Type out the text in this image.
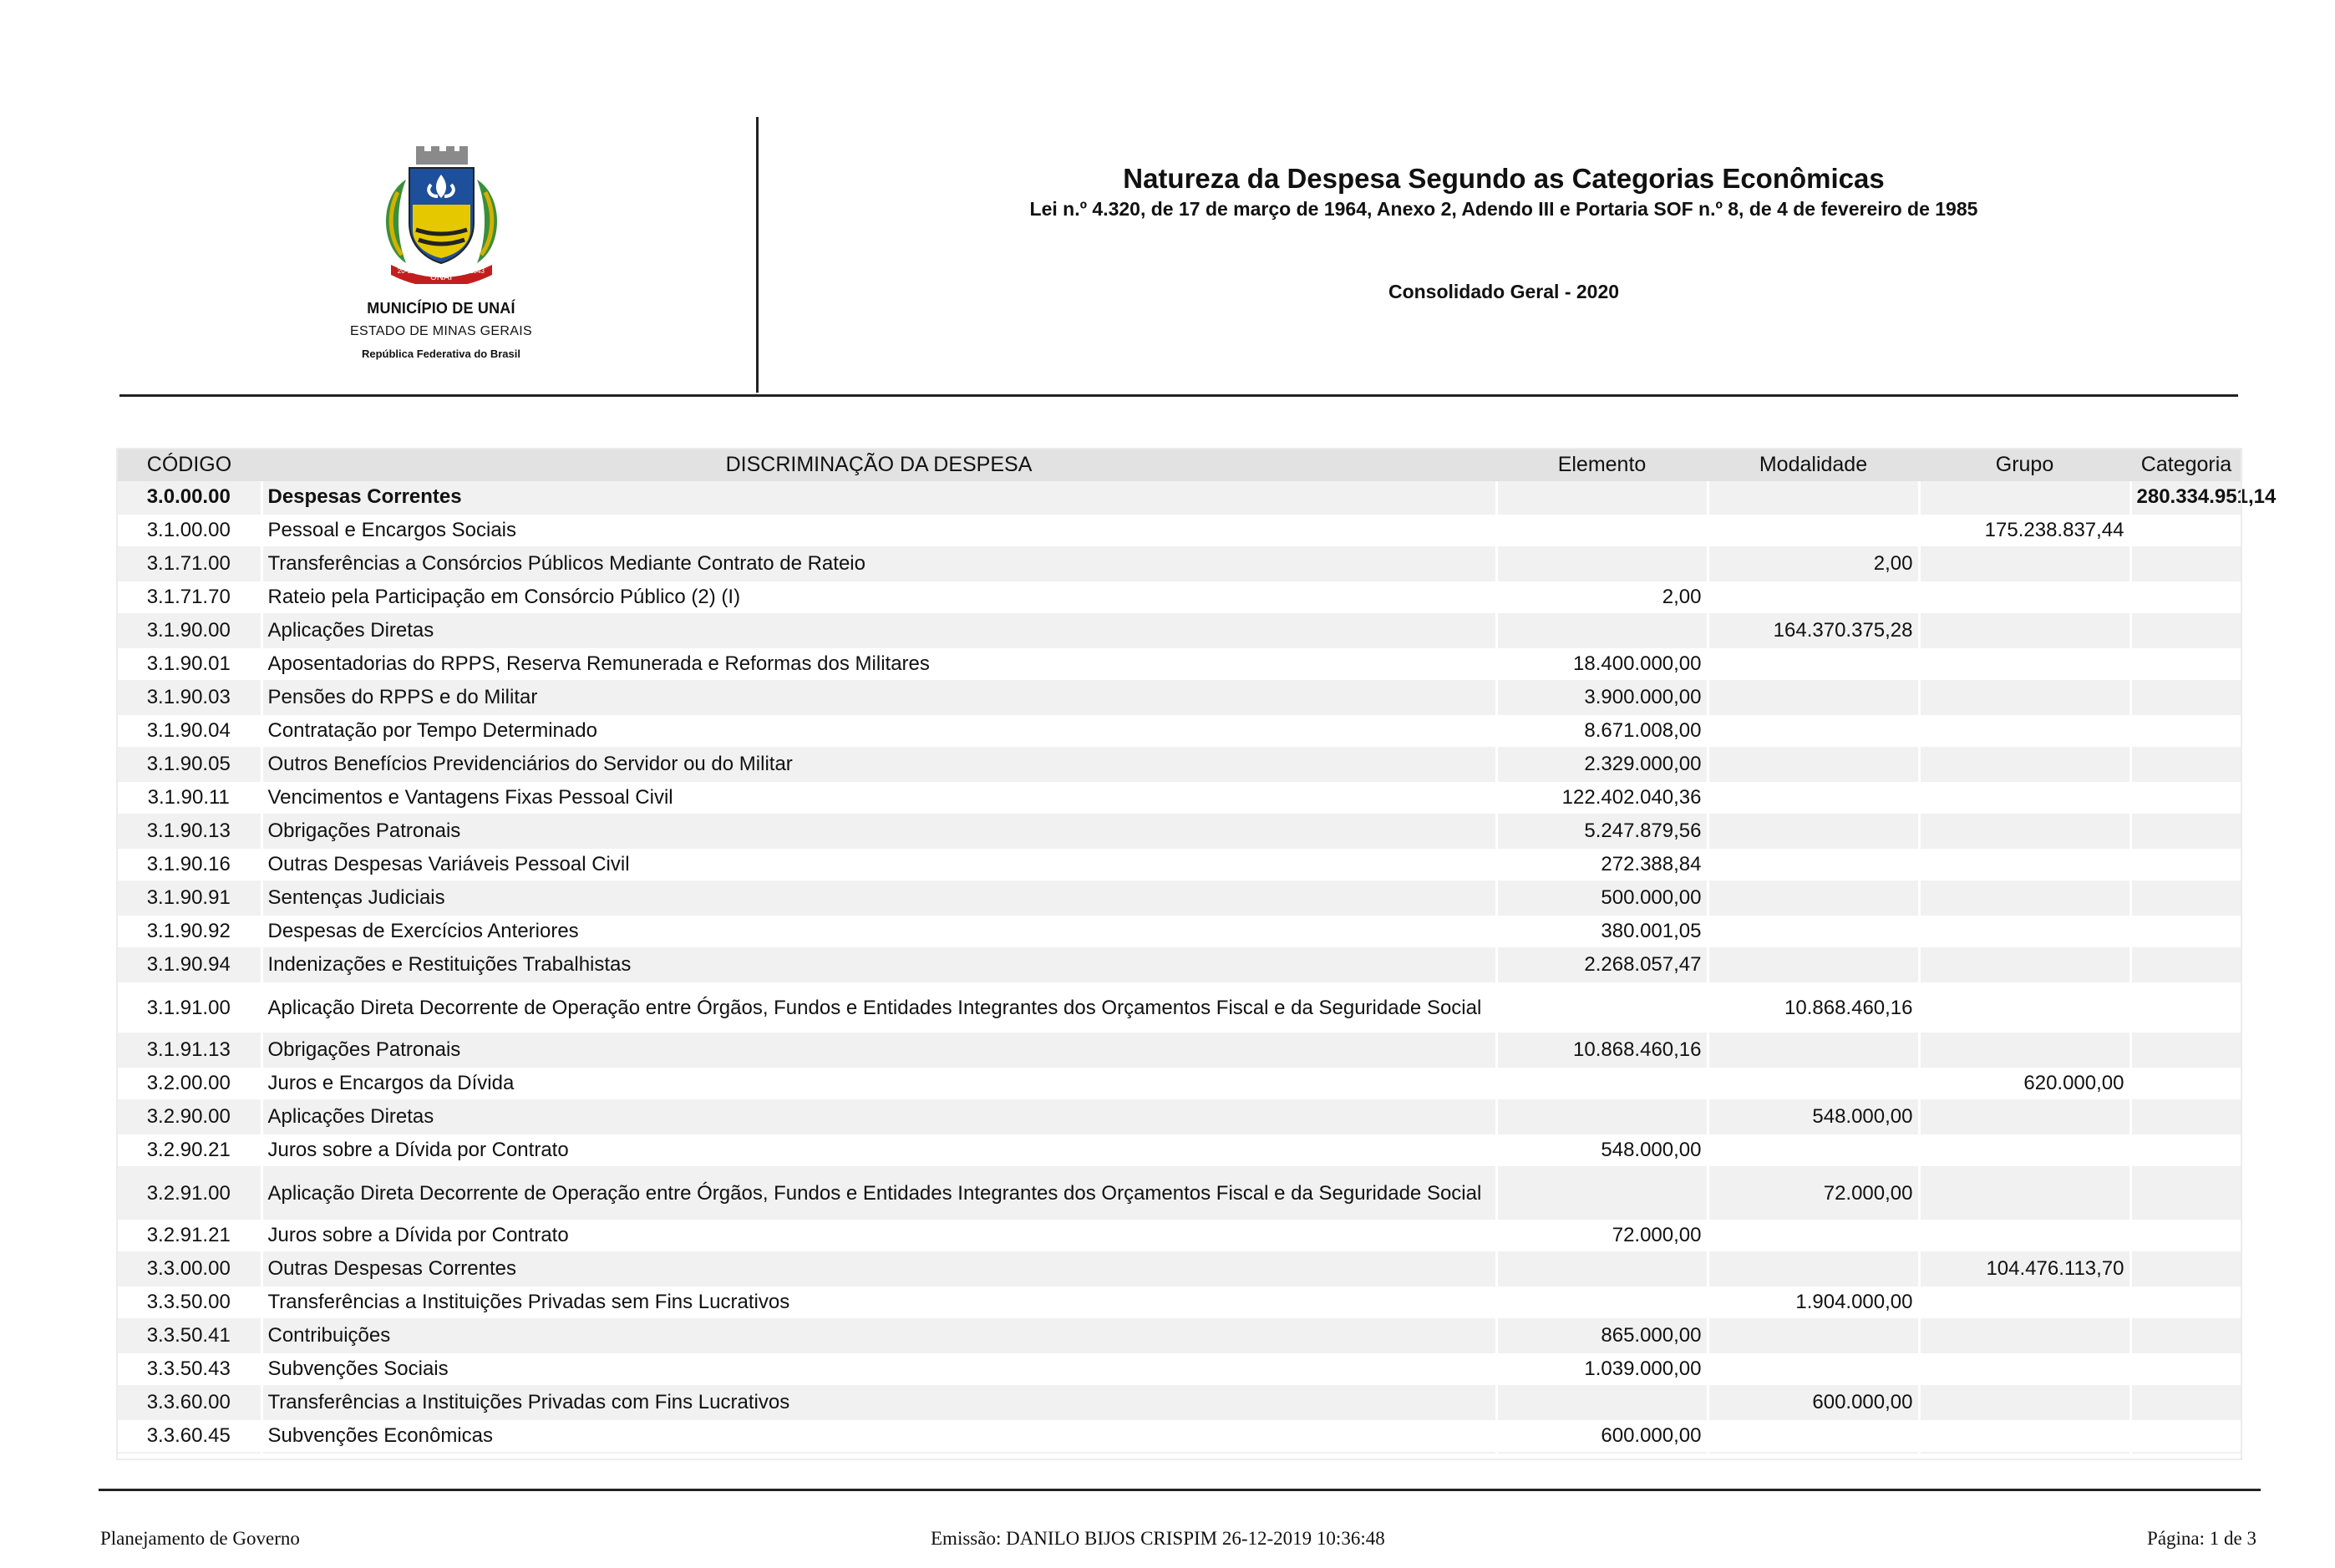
UNAÍ
20-12	1943
MUNICÍPIO DE UNAÍ
ESTADO DE MINAS GERAIS
República Federativa do Brasil
Natureza da Despesa Segundo as Categorias Econômicas
Lei n.º 4.320, de 17 de março de 1964, Anexo 2, Adendo III e Portaria SOF n.º 8, de 4 de fevereiro de 1985
Consolidado Geral - 2020
CÓDIGO	DISCRIMINAÇÃO DA DESPESA	Elemento	Modalidade	Grupo	Categoria
3.0.00.00	Despesas Correntes				280.334.951,14
3.1.00.00	Pessoal e Encargos Sociais			175.238.837,44	
3.1.71.00	Transferências a Consórcios Públicos Mediante Contrato de Rateio		2,00		
3.1.71.70	Rateio pela Participação em Consórcio Público (2) (I)	2,00			
3.1.90.00	Aplicações Diretas		164.370.375,28		
3.1.90.01	Aposentadorias do RPPS, Reserva Remunerada e Reformas dos Militares	18.400.000,00			
3.1.90.03	Pensões do RPPS e do Militar	3.900.000,00			
3.1.90.04	Contratação por Tempo Determinado	8.671.008,00			
3.1.90.05	Outros Benefícios Previdenciários do Servidor ou do Militar	2.329.000,00			
3.1.90.11	Vencimentos e Vantagens Fixas Pessoal Civil	122.402.040,36			
3.1.90.13	Obrigações Patronais	5.247.879,56			
3.1.90.16	Outras Despesas Variáveis Pessoal Civil	272.388,84			
3.1.90.91	Sentenças Judiciais	500.000,00			
3.1.90.92	Despesas de Exercícios Anteriores	380.001,05			
3.1.90.94	Indenizações e Restituições Trabalhistas	2.268.057,47			
3.1.91.00	Aplicação Direta Decorrente de Operação entre Órgãos, Fundos e Entidades Integrantes dos Orçamentos Fiscal e da Seguridade Social		10.868.460,16		
3.1.91.13	Obrigações Patronais	10.868.460,16			
3.2.00.00	Juros e Encargos da Dívida			620.000,00	
3.2.90.00	Aplicações Diretas		548.000,00		
3.2.90.21	Juros sobre a Dívida por Contrato	548.000,00			
3.2.91.00	Aplicação Direta Decorrente de Operação entre Órgãos, Fundos e Entidades Integrantes dos Orçamentos Fiscal e da Seguridade Social		72.000,00		
3.2.91.21	Juros sobre a Dívida por Contrato	72.000,00			
3.3.00.00	Outras Despesas Correntes			104.476.113,70	
3.3.50.00	Transferências a Instituições Privadas sem Fins Lucrativos		1.904.000,00		
3.3.50.41	Contribuições	865.000,00			
3.3.50.43	Subvenções Sociais	1.039.000,00			
3.3.60.00	Transferências a Instituições Privadas com Fins Lucrativos		600.000,00		
3.3.60.45	Subvenções Econômicas	600.000,00			
Planejamento de Governo	Emissão: DANILO BIJOS CRISPIM 26-12-2019 10:36:48	Página: 1 de 3
